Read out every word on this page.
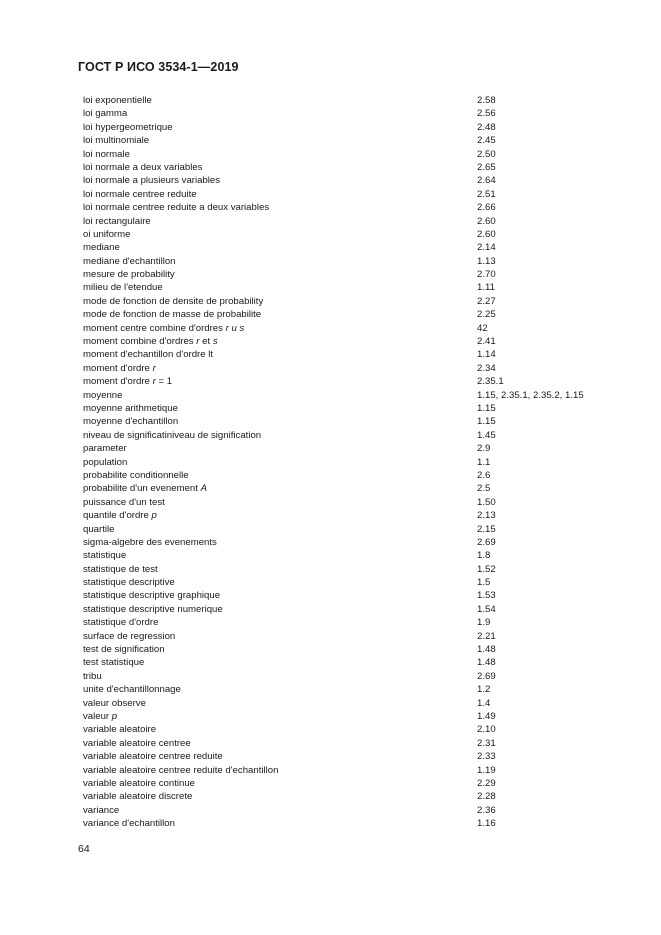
ГОСТ Р ИСО 3534-1—2019
loi exponentielle	2.58
loi gamma	2.56
loi hypergeometrique	2.48
loi multinomiale	2.45
loi normale	2.50
loi normale a deux variables	2.65
loi normale a plusieurs variables	2.64
loi normale centree reduite	2.51
loi normale centree reduite a deux variables	2.66
loi rectangulaire	2.60
oi uniforme	2.60
mediane	2.14
mediane d'echantillon	1.13
mesure de probability	2.70
milieu de l'etendue	1.11
mode de fonction de densite de probability	2.27
mode de fonction de masse de probabilite	2.25
moment centre combine d'ordres r и s	42
moment combine d'ordres r et s	2.41
moment d'echantillon d'ordre lt	1.14
moment d'ordre r	2.34
moment d'ordre r = 1	2.35.1
moyenne	1.15, 2.35.1, 2.35.2, 1.15
moyenne arithmetique	1.15
moyenne d'echantillon	1.15
niveau de significatiniveau de signification	1.45
parameter	2.9
population	1.1
probabilite conditionnelle	2.6
probabilite d'un evenement A	2.5
puissance d'un test	1.50
quantile d'ordre p	2.13
quartile	2.15
sigma-algebre des evenements	2.69
statistique	1.8
statistique de test	1.52
statistique descriptive	1.5
statistique descriptive graphique	1.53
statistique descriptive numerique	1.54
statistique d'ordre	1.9
surface de regression	2.21
test de signification	1.48
test statistique	1.48
tribu	2.69
unite d'echantillonnage	1.2
valeur observe	1.4
valeur p	1.49
variable aleatoire	2.10
variable aleatoire centree	2.31
variable aleatoire centree reduite	2.33
variable aleatoire centree reduite d'echantillon	1.19
variable aleatoire continue	2.29
variable aleatoire discrete	2.28
variance	2.36
variance d'echantillon	1.16
64
